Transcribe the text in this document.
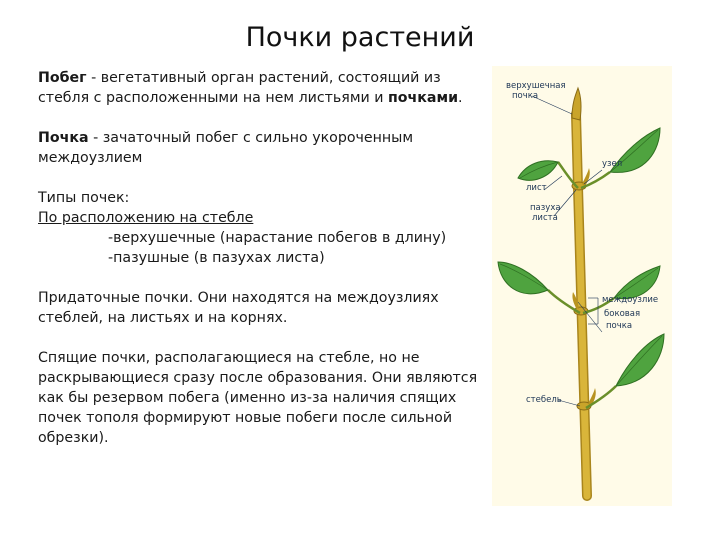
Почки растений

Побег - вегетативный орган растений, состоящий из стебля с расположенными на нем листьями и почками.

Почка - зачаточный побег с сильно укороченным междоузлием

Типы почек:

По расположению на стебле

-верхушечные (нарастание побегов в длину)

-пазушные (в пазухах листа)

Придаточные почки. Они находятся на междоузлиях стеблей, на листьях и на корнях.

Спящие почки, располагающиеся на стебле, но не раскрывающиеся сразу после образования. Они являются как бы резервом побега (именно из-за наличия спящих почек тополя формируют новые побеги после сильной обрезки).

верхушечная
почка
узел
лист
пазуха
листа
междоузлие
боковая
почка
стебель
